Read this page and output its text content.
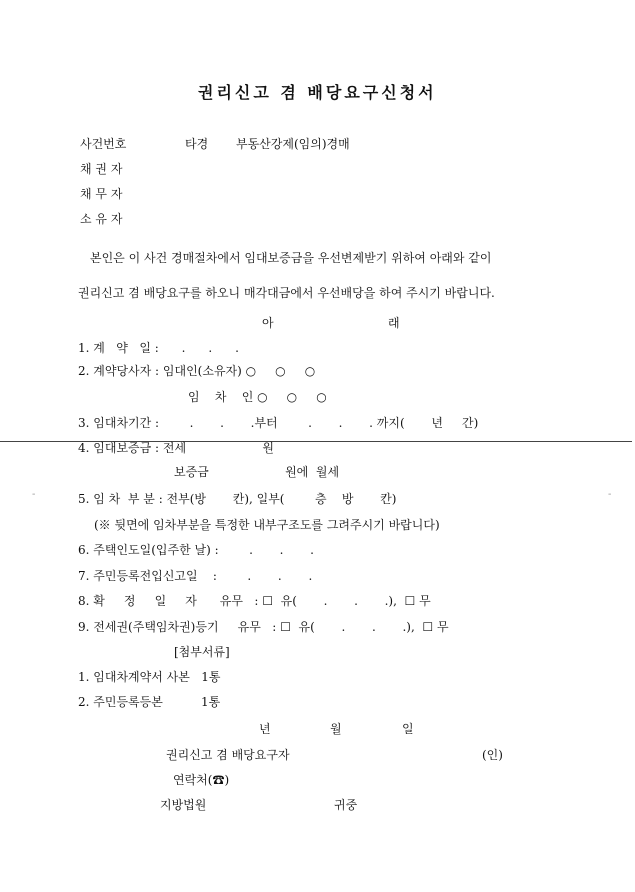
권리신고 겸 배당요구신청서
사건번호	타경 부동산강제(임의)경매
채 권 자
채 무 자
소 유 자
본인은 이 사건 경매절차에서 임대보증금을 우선변제받기 위하여 아래와 같이
권리신고 겸 배당요구를 하오니 매각대금에서 우선배당을 하여 주시기 바랍니다.
아	래
1. 계   약   일 :      .      .      .
2. 계약당사자 : 임대인(소유자) ○     ○     ○
임    차    인 ○     ○     ○
3. 임대차기간 :        .       .       .부터        .       .       . 까지(       년     간)
4. 임대보증금 : 전세                    원
보증금                    원에  월세
-	-
5. 임 차  부 분 : 전부(방       칸), 일부(        층    방       칸)
(※ 뒷면에 임차부분을 특정한 내부구조도를 그려주시기 바랍니다)
6. 주택인도일(입주한 날) :        .       .       .
7. 주민등록전입신고일    :        .       .       .
8. 확     정     일     자      유무   : ☐  유(       .       .       .),  ☐ 무
9. 전세권(주택임차권)등기     유무   : ☐  유(       .       .       .),  ☐ 무
[첨부서류]
1. 임대차계약서 사본   1통
2. 주민등록등본          1통
년	월	일
권리신고 겸 배당요구자	(인)
연락처(☎)
지방법원	귀중
